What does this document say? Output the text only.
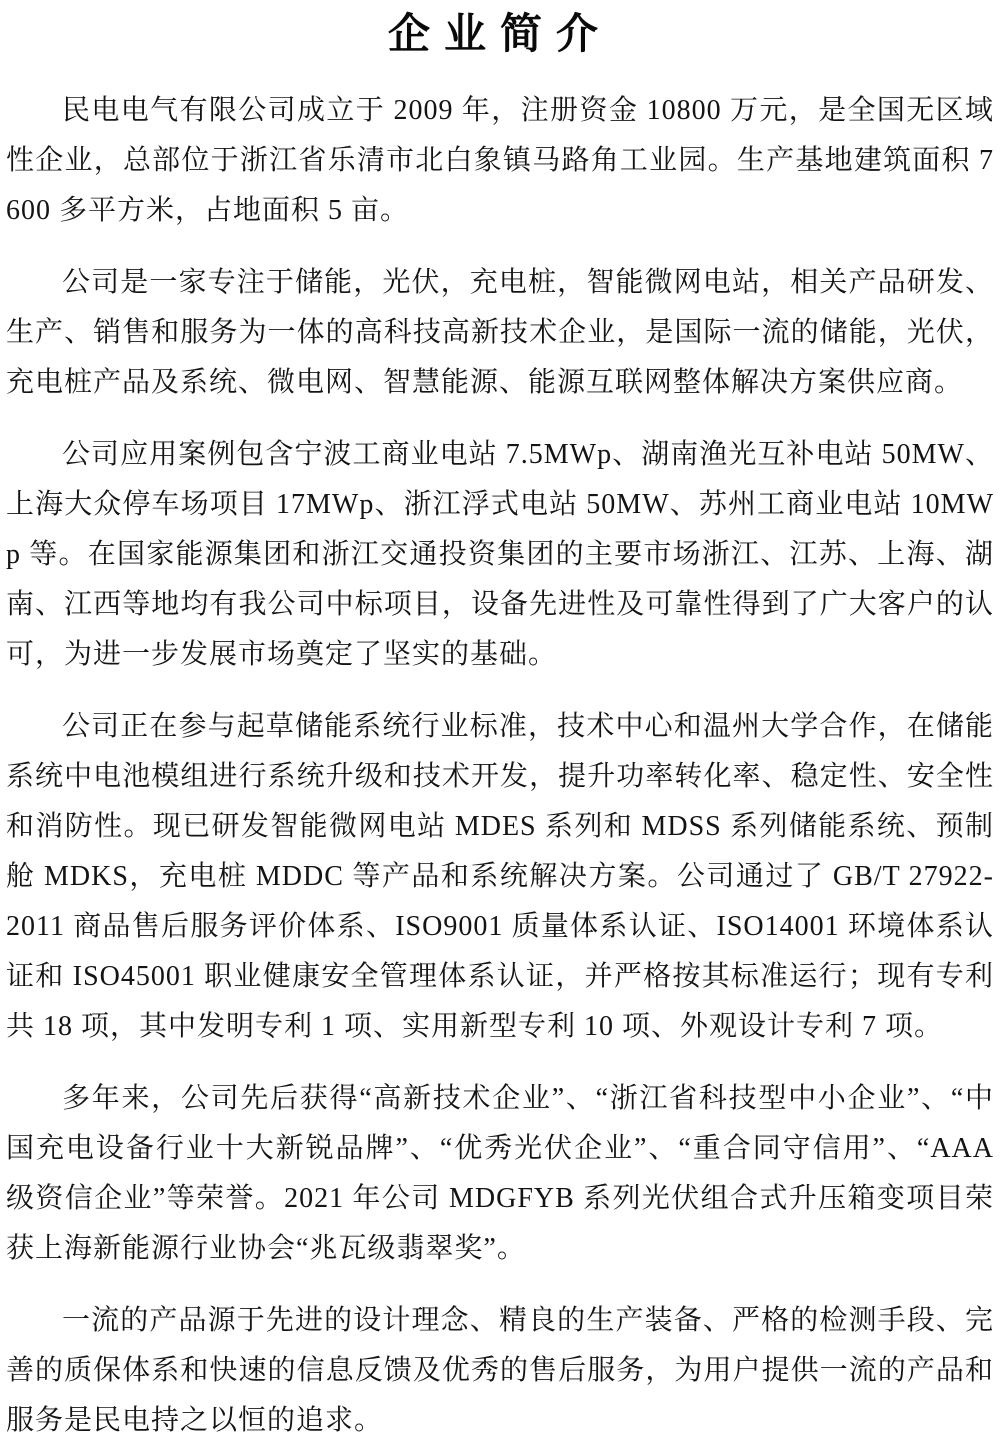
企业简介

民电电气有限公司成立于 2009 年，注册资金 10800 万元，是全国无区域性企业，总部位于浙江省乐清市北白象镇马路角工业园。生产基地建筑面积 7600 多平方米，占地面积 5 亩。

公司是一家专注于储能，光伏，充电桩，智能微网电站，相关产品研发、生产、销售和服务为一体的高科技高新技术企业，是国际一流的储能，光伏，充电桩产品及系统、微电网、智慧能源、能源互联网整体解决方案供应商。

公司应用案例包含宁波工商业电站 7.5MWp、湖南渔光互补电站 50MW、上海大众停车场项目 17MWp、浙江浮式电站 50MW、苏州工商业电站 10MWp 等。在国家能源集团和浙江交通投资集团的主要市场浙江、江苏、上海、湖南、江西等地均有我公司中标项目，设备先进性及可靠性得到了广大客户的认可，为进一步发展市场奠定了坚实的基础。

公司正在参与起草储能系统行业标准，技术中心和温州大学合作，在储能系统中电池模组进行系统升级和技术开发，提升功率转化率、稳定性、安全性和消防性。现已研发智能微网电站 MDES 系列和 MDSS 系列储能系统、预制舱 MDKS，充电桩 MDDC 等产品和系统解决方案。公司通过了 GB/T 27922-2011 商品售后服务评价体系、ISO9001 质量体系认证、ISO14001 环境体系认证和 ISO45001 职业健康安全管理体系认证，并严格按其标准运行；现有专利共 18 项，其中发明专利 1 项、实用新型专利 10 项、外观设计专利 7 项。

多年来，公司先后获得“高新技术企业”、“浙江省科技型中小企业”、“中国充电设备行业十大新锐品牌”、“优秀光伏企业”、“重合同守信用”、“AAA 级资信企业”等荣誉。2021 年公司 MDGFYB 系列光伏组合式升压箱变项目荣获上海新能源行业协会“兆瓦级翡翠奖”。

一流的产品源于先进的设计理念、精良的生产装备、严格的检测手段、完善的质保体系和快速的信息反馈及优秀的售后服务，为用户提供一流的产品和服务是民电持之以恒的追求。
